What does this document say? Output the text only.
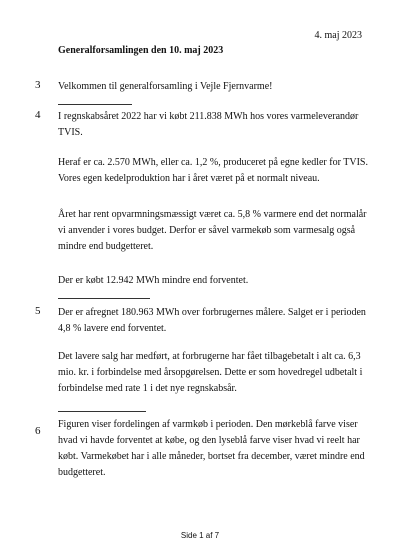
4. maj 2023
Generalforsamlingen den 10. maj 2023
3 Velkommen til generalforsamling i Vejle Fjernvarme!
4 I regnskabsåret 2022 har vi købt 211.838 MWh hos vores varmeleverandør TVIS.
Heraf er ca. 2.570 MWh, eller ca. 1,2 %, produceret på egne kedler for TVIS. Vores egen kedelproduktion har i året været på et normalt niveau.
Året har rent opvarmningsmæssigt været ca. 5,8 % varmere end det normalår vi anvender i vores budget. Derfor er såvel varmekøb som varmesalg også mindre end budgetteret.
Der er købt 12.942 MWh mindre end forventet.
5 Der er afregnet 180.963 MWh over forbrugernes målere. Salget er i perioden 4,8 % lavere end forventet.
Det lavere salg har medført, at forbrugerne har fået tilbagebetalt i alt ca. 6,3 mio. kr. i forbindelse med årsopgørelsen. Dette er som hovedregel udbetalt i forbindelse med rate 1 i det nye regnskabsår.
6
Figuren viser fordelingen af varmkøb i perioden. Den mørkeblå farve viser hvad vi havde forventet at købe, og den lyseblå farve viser hvad vi reelt har købt. Varmekøbet har i alle måneder, bortset fra december, været mindre end budgetteret.
Side 1 af 7
